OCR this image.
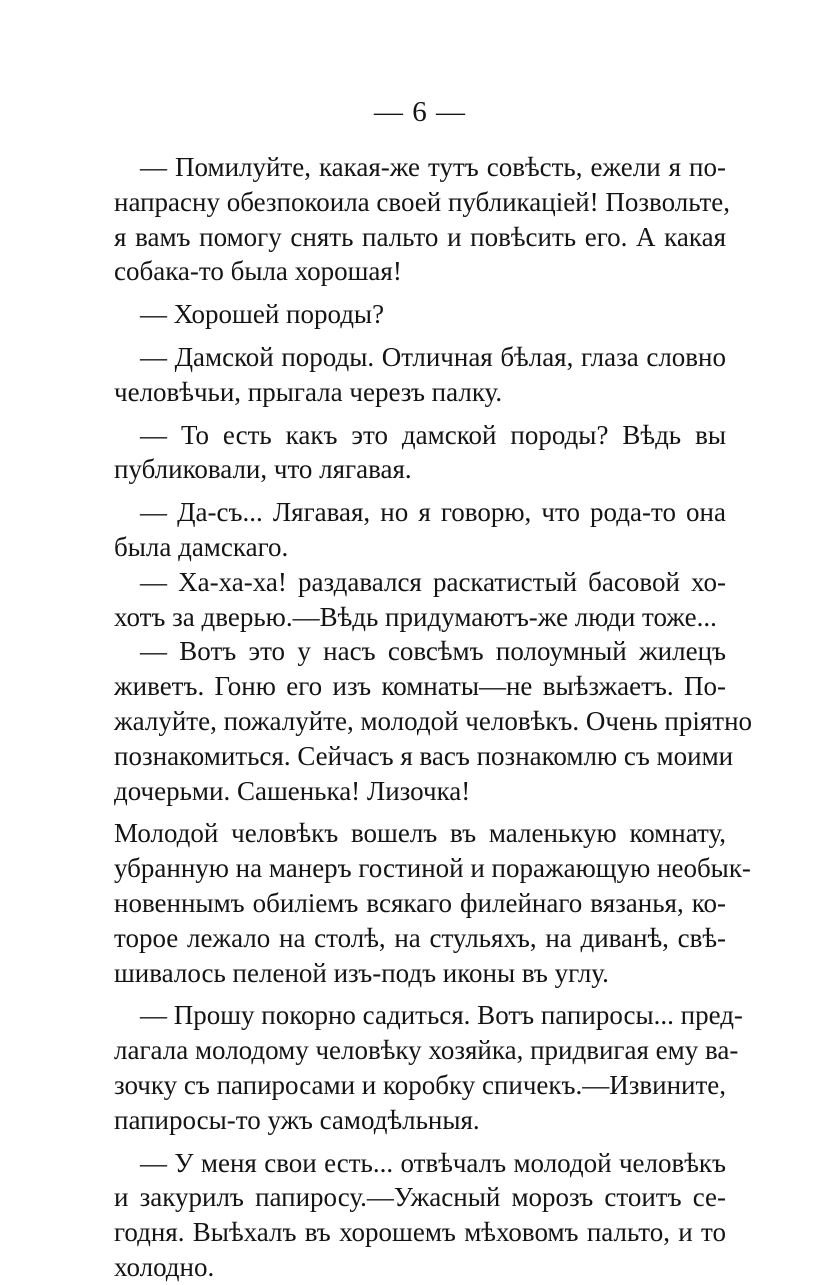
— 6 —
— Помилуйте, какая-же тутъ совѣсть, ежели я по-
напрасну обезпокоила своей публикацiей! Позвольте,
я вамъ помогу снять пальто и повѣсить его. А какая
собака-то была хорошая!
— Хорошей породы?
— Дамской породы. Отличная бѣлая, глаза словно
человѣчьи, прыгала черезъ палку.
— То есть какъ это дамской породы? Вѣдь вы
публиковали, что лягавая.
— Да-съ... Лягавая, но я говорю, что рода-то она
была дамскаго.
— Ха-ха-ха! раздавался раскатистый басовой хо-
хотъ за дверью.—Вѣдь придумаютъ-же люди тоже...
— Вотъ это у насъ совсѣмъ полоумный жилецъ
живетъ. Гоню его изъ комнаты—не выѣзжаетъ. По-
жалуйте, пожалуйте, молодой человѣкъ. Очень прiятно
познакомиться. Сейчасъ я васъ познакомлю съ моими
дочерьми. Сашенька! Лизочка!
Молодой человѣкъ вошелъ въ маленькую комнату,
убранную на манеръ гостиной и поражающую необык-
новеннымъ обилiемъ всякаго филейнаго вязанья, ко-
торое лежало на столѣ, на стульяхъ, на диванѣ, свѣ-
шивалось пеленой изъ-подъ иконы въ углу.
— Прошу покорно садиться. Вотъ папиросы... пред-
лагала молодому человѣку хозяйка, придвигая ему ва-
зочку съ папиросами и коробку спичекъ.—Извините,
папиросы-то ужъ самодѣльныя.
— У меня свои есть... отвѣчалъ молодой человѣкъ
и закурилъ папиросу.—Ужасный морозъ стоитъ се-
годня. Выѣхалъ въ хорошемъ мѣховомъ пальто, и то
холодно.
